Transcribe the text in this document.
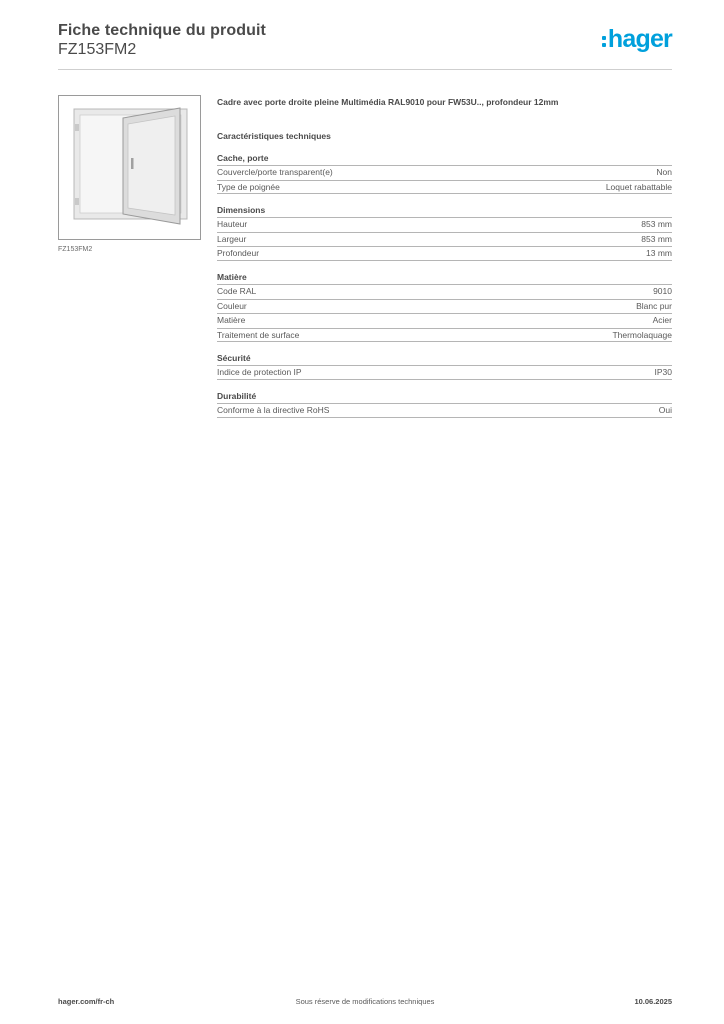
Fiche technique du produit
FZ153FM2	hager
FZ153FM2
Cadre avec porte droite pleine Multimédia RAL9010 pour FW53U.., profondeur 12mm
Caractéristiques techniques
Cache, porte
Couvercle/porte transparent(e)	Non
Type de poignée	Loquet rabattable
Dimensions
Hauteur	853 mm
Largeur	853 mm
Profondeur	13 mm
Matière
Code RAL	9010
Couleur	Blanc pur
Matière	Acier
Traitement de surface	Thermolaquage
Sécurité
Indice de protection IP	IP30
Durabilité
Conforme à la directive RoHS	Oui
hager.com/fr-ch	Sous réserve de modifications techniques	10.06.2025
